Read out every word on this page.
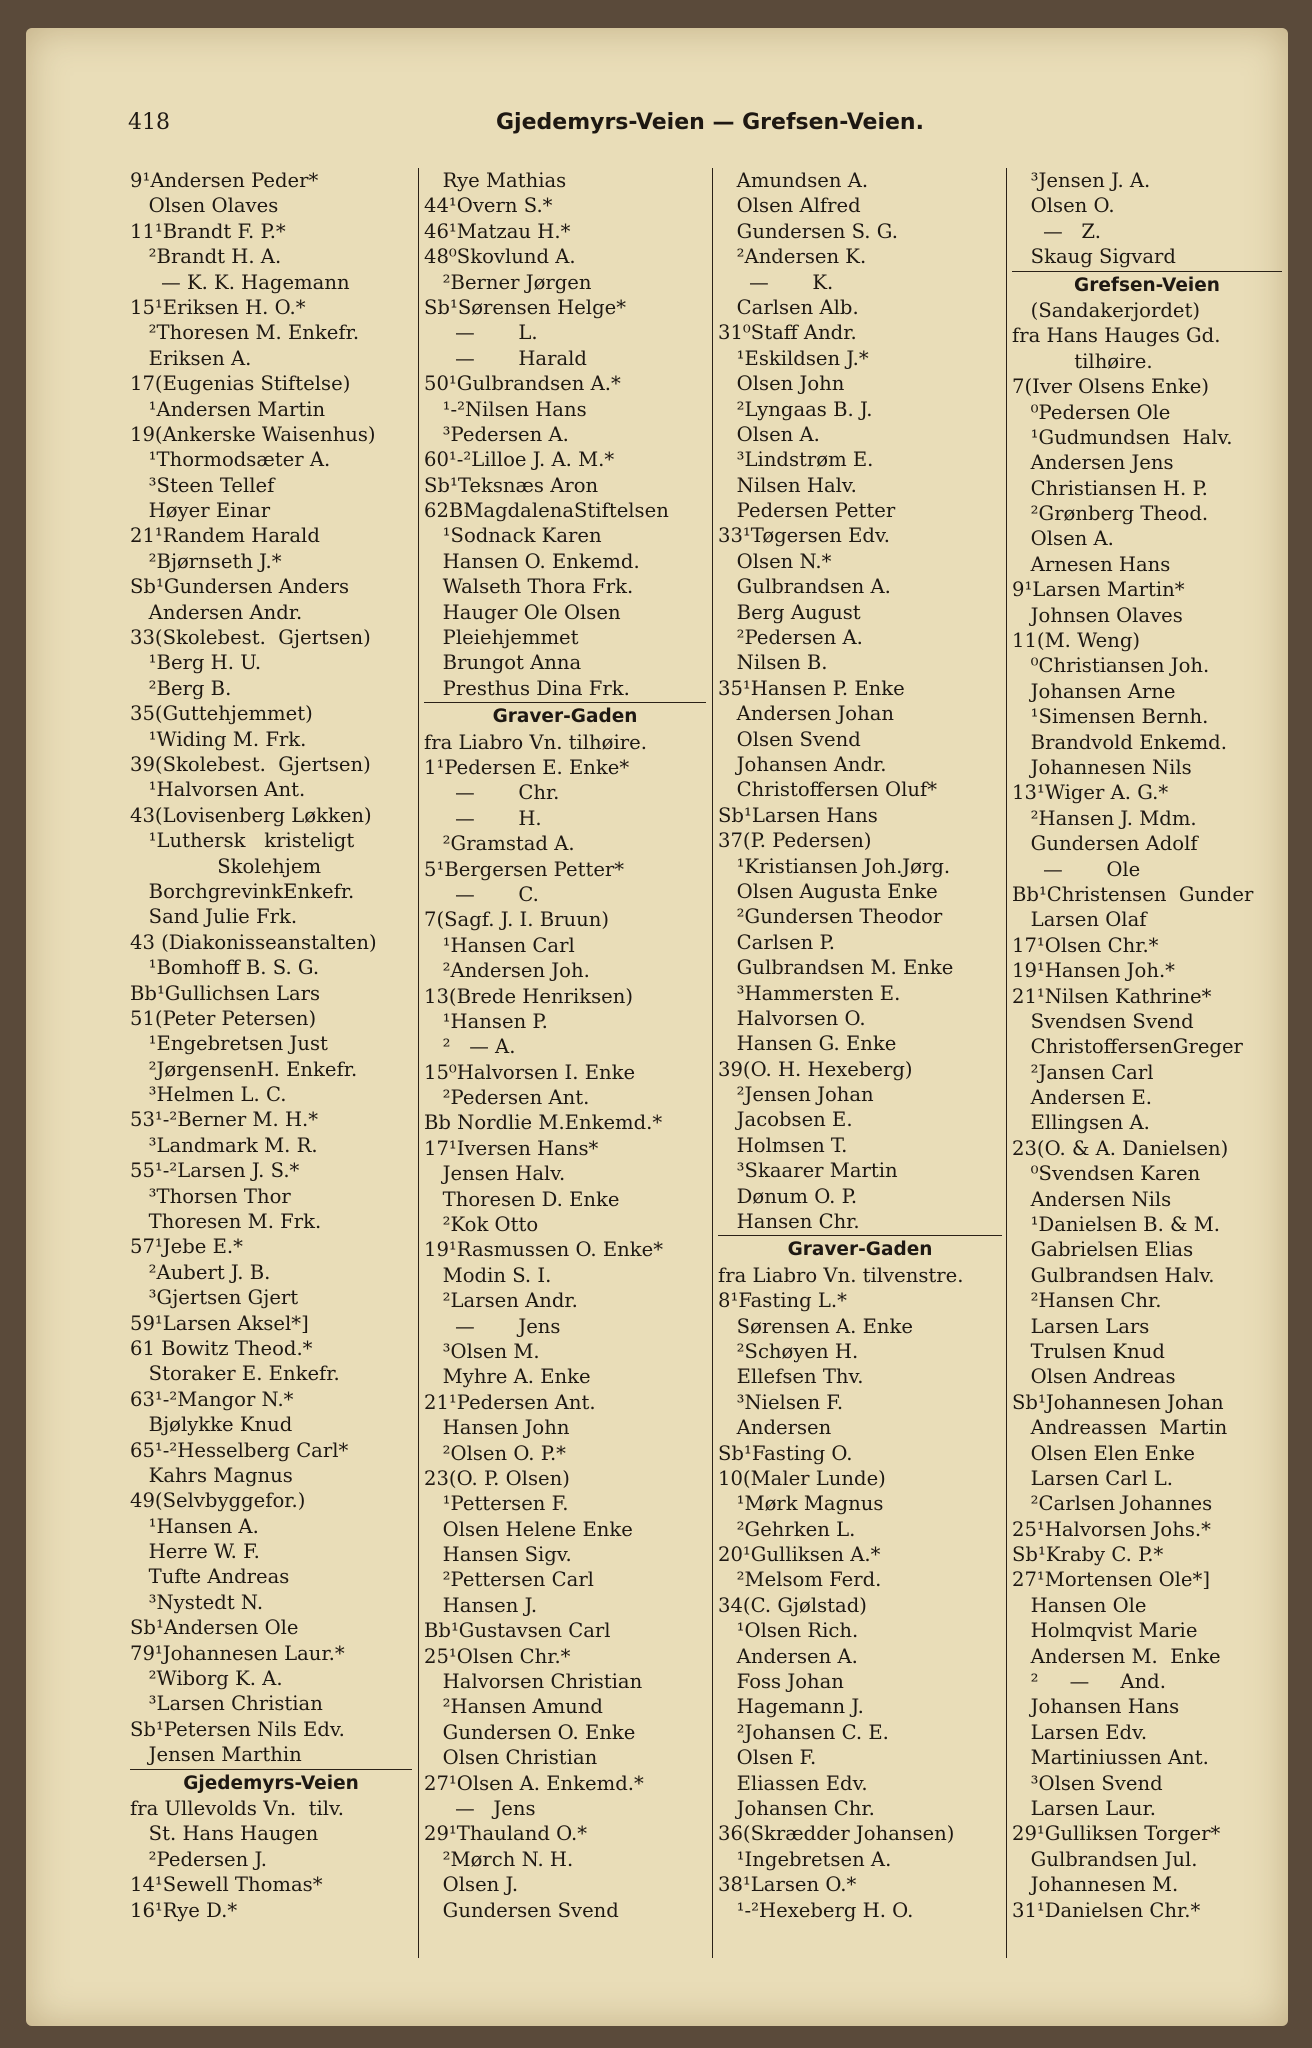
418	Gjedemyrs-Veien — Grefsen-Veien.
9¹Andersen Peder*
Olsen Olaves
11¹Brandt F. P.*
²Brandt H. A.
— K. K. Hagemann
15¹Eriksen H. O.*
²Thoresen M. Enkefr.
Eriksen A.
17(Eugenias Stiftelse)
¹Andersen Martin
19(Ankerske Waisenhus)
¹Thormodsæter A.
³Steen Tellef
Høyer Einar
21¹Randem Harald
²Bjørnseth J.*
Sb¹Gundersen Anders
Andersen Andr.
33(Skolebest.  Gjertsen)
¹Berg H. U.
²Berg B.
35(Guttehjemmet)
¹Widing M. Frk.
39(Skolebest.  Gjertsen)
¹Halvorsen Ant.
43(Lovisenberg Løkken)
¹Luthersk   kristeligt
Skolehjem
BorchgrevinkEnkefr.
Sand Julie Frk.
43 (Diakonisseanstalten)
¹Bomhoff B. S. G.
Bb¹Gullichsen Lars
51(Peter Petersen)
¹Engebretsen Just
²JørgensenH. Enkefr.
³Helmen L. C.
53¹-²Berner M. H.*
³Landmark M. R.
55¹-²Larsen J. S.*
³Thorsen Thor
Thoresen M. Frk.
57¹Jebe E.*
²Aubert J. B.
³Gjertsen Gjert
59¹Larsen Aksel*]
61 Bowitz Theod.*
Storaker E. Enkefr.
63¹-²Mangor N.*
Bjølykke Knud
65¹-²Hesselberg Carl*
Kahrs Magnus
49(Selvbyggefor.)
¹Hansen A.
Herre W. F.
Tufte Andreas
³Nystedt N.
Sb¹Andersen Ole
79¹Johannesen Laur.*
²Wiborg K. A.
³Larsen Christian
Sb¹Petersen Nils Edv.
Jensen Marthin
Gjedemyrs-Veien
fra Ullevolds Vn.  tilv.
St. Hans Haugen
²Pedersen J.
14¹Sewell Thomas*
16¹Rye D.*
Rye Mathias
44¹Overn S.*
46¹Matzau H.*
48⁰Skovlund A.
²Berner Jørgen
Sb¹Sørensen Helge*
—       L.
—       Harald
50¹Gulbrandsen A.*
¹-²Nilsen Hans
³Pedersen A.
60¹-²Lilloe J. A. M.*
Sb¹Teksnæs Aron
62BMagdalenaStiftelsen
¹Sodnack Karen
Hansen O. Enkemd.
Walseth Thora Frk.
Hauger Ole Olsen
Pleiehjemmet
Brungot Anna
Presthus Dina Frk.
Graver-Gaden
fra Liabro Vn. tilhøire.
1¹Pedersen E. Enke*
—       Chr.
—       H.
²Gramstad A.
5¹Bergersen Petter*
—       C.
7(Sagf. J. I. Bruun)
¹Hansen Carl
²Andersen Joh.
13(Brede Henriksen)
¹Hansen P.
²   — A.
15⁰Halvorsen I. Enke
²Pedersen Ant.
Bb Nordlie M.Enkemd.*
17¹Iversen Hans*
Jensen Halv.
Thoresen D. Enke
²Kok Otto
19¹Rasmussen O. Enke*
Modin S. I.
²Larsen Andr.
—       Jens
³Olsen M.
Myhre A. Enke
21¹Pedersen Ant.
Hansen John
²Olsen O. P.*
23(O. P. Olsen)
¹Pettersen F.
Olsen Helene Enke
Hansen Sigv.
²Pettersen Carl
Hansen J.
Bb¹Gustavsen Carl
25¹Olsen Chr.*
Halvorsen Christian
²Hansen Amund
Gundersen O. Enke
Olsen Christian
27¹Olsen A. Enkemd.*
—   Jens
29¹Thauland O.*
²Mørch N. H.
Olsen J.
Gundersen Svend
Amundsen A.
Olsen Alfred
Gundersen S. G.
²Andersen K.
—       K.
Carlsen Alb.
31⁰Staff Andr.
¹Eskildsen J.*
Olsen John
²Lyngaas B. J.
Olsen A.
³Lindstrøm E.
Nilsen Halv.
Pedersen Petter
33¹Tøgersen Edv.
Olsen N.*
Gulbrandsen A.
Berg August
²Pedersen A.
Nilsen B.
35¹Hansen P. Enke
Andersen Johan
Olsen Svend
Johansen Andr.
Christoffersen Oluf*
Sb¹Larsen Hans
37(P. Pedersen)
¹Kristiansen Joh.Jørg.
Olsen Augusta Enke
²Gundersen Theodor
Carlsen P.
Gulbrandsen M. Enke
³Hammersten E.
Halvorsen O.
Hansen G. Enke
39(O. H. Hexeberg)
²Jensen Johan
Jacobsen E.
Holmsen T.
³Skaarer Martin
Dønum O. P.
Hansen Chr.
Graver-Gaden
fra Liabro Vn. tilvenstre.
8¹Fasting L.*
Sørensen A. Enke
²Schøyen H.
Ellefsen Thv.
³Nielsen F.
Andersen
Sb¹Fasting O.
10(Maler Lunde)
¹Mørk Magnus
²Gehrken L.
20¹Gulliksen A.*
²Melsom Ferd.
34(C. Gjølstad)
¹Olsen Rich.
Andersen A.
Foss Johan
Hagemann J.
²Johansen C. E.
Olsen F.
Eliassen Edv.
Johansen Chr.
36(Skrædder Johansen)
¹Ingebretsen A.
38¹Larsen O.*
¹-²Hexeberg H. O.
³Jensen J. A.
Olsen O.
—   Z.
Skaug Sigvard
Grefsen-Veien
(Sandakerjordet)
fra Hans Hauges Gd.
tilhøire.
7(Iver Olsens Enke)
⁰Pedersen Ole
¹Gudmundsen  Halv.
Andersen Jens
Christiansen H. P.
²Grønberg Theod.
Olsen A.
Arnesen Hans
9¹Larsen Martin*
Johnsen Olaves
11(M. Weng)
⁰Christiansen Joh.
Johansen Arne
¹Simensen Bernh.
Brandvold Enkemd.
Johannesen Nils
13¹Wiger A. G.*
²Hansen J. Mdm.
Gundersen Adolf
—       Ole
Bb¹Christensen  Gunder
Larsen Olaf
17¹Olsen Chr.*
19¹Hansen Joh.*
21¹Nilsen Kathrine*
Svendsen Svend
ChristoffersenGreger
²Jansen Carl
Andersen E.
Ellingsen A.
23(O. & A. Danielsen)
⁰Svendsen Karen
Andersen Nils
¹Danielsen B. & M.
Gabrielsen Elias
Gulbrandsen Halv.
²Hansen Chr.
Larsen Lars
Trulsen Knud
Olsen Andreas
Sb¹Johannesen Johan
Andreassen  Martin
Olsen Elen Enke
Larsen Carl L.
²Carlsen Johannes
25¹Halvorsen Johs.*
Sb¹Kraby C. P.*
27¹Mortensen Ole*]
Hansen Ole
Holmqvist Marie
Andersen M.  Enke
²     —     And.
Johansen Hans
Larsen Edv.
Martiniussen Ant.
³Olsen Svend
Larsen Laur.
29¹Gulliksen Torger*
Gulbrandsen Jul.
Johannesen M.
31¹Danielsen Chr.*
